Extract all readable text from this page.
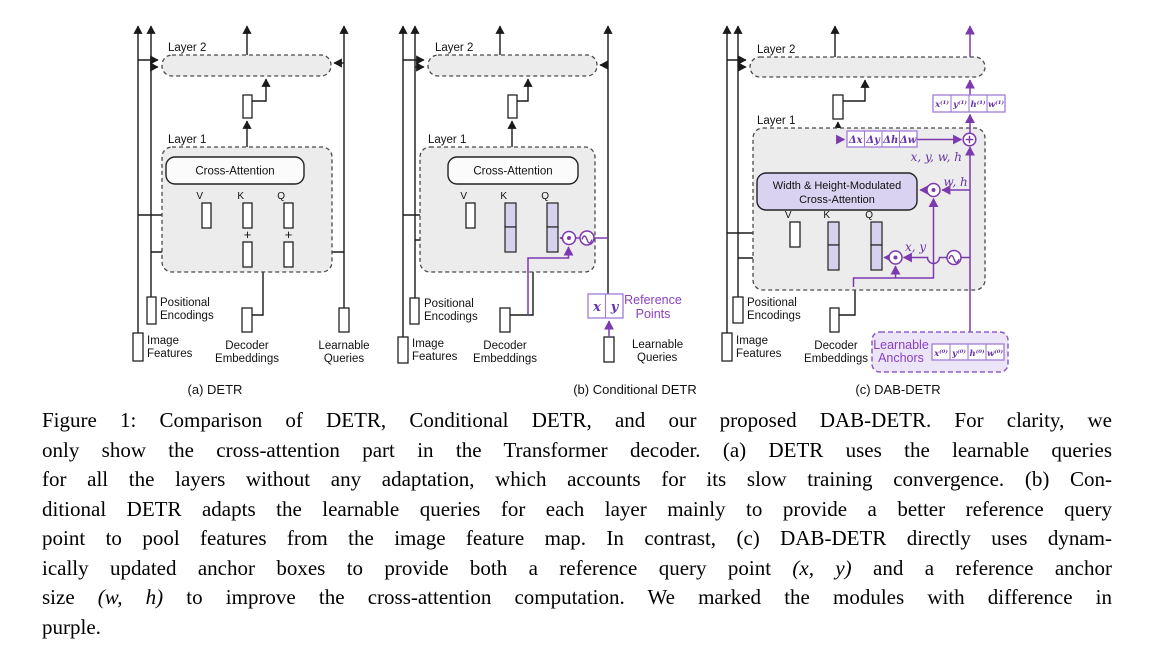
Layer 2
Layer 1
Cross-Attention
V	K	Q
+	+
Positional
Encodings
Image
Features
Decoder
Embeddings
Learnable
Queries
(a) DETR
x y Reference
Points
Layer 2
Layer 1
Cross-Attention
V	K	Q
Positional
Encodings
Image
Features
Decoder
Embeddings
Learnable
Queries
(b) Conditional DETR
Δx Δy Δh Δw
x⁽¹⁾ y⁽¹⁾ h⁽¹⁾ w⁽¹⁾
Learnable
Anchors x⁽⁰⁾ y⁽⁰⁾ h⁽⁰⁾ w⁽⁰⁾
Layer 2
Layer 1
Width & Height-Modulated
Cross-Attention
V	K	Q
x, y
w, h
x, y, w, h
Positional
Encodings
Image
Features
Decoder
Embeddings
(c) DAB-DETR
Figure 1: Comparison of DETR, Conditional DETR, and our proposed DAB-DETR. For clarity, we
only show the cross-attention part in the Transformer decoder. (a) DETR uses the learnable queries
for all the layers without any adaptation, which accounts for its slow training convergence. (b) Con-
ditional DETR adapts the learnable queries for each layer mainly to provide a better reference query
point to pool features from the image feature map. In contrast, (c) DAB-DETR directly uses dynam-
ically updated anchor boxes to provide both a reference query point (x, y) and a reference anchor
size (w, h) to improve the cross-attention computation. We marked the modules with difference in
purple.
